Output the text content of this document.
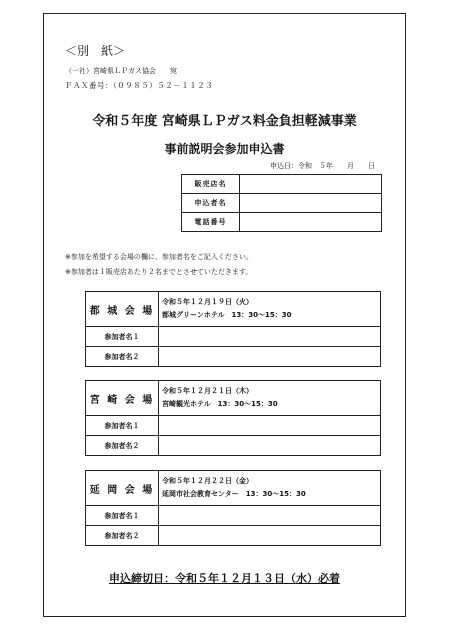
＜別　紙＞
（一社）宮崎県ＬＰガス協会　　宛
ＦＡＸ番号：（０９８５）５２－１１２３
令和５年度 宮崎県ＬＰガス料金負担軽減事業
事前説明会参加申込書
申込日：令和　５年　　月　　日
販売店名	
申込者名	
電話番号	
※参加を希望する会場の欄に、参加者名をご記入ください。
※参加者は１販売店あたり２名までとさせていただきます。
都 城 会 場	令和５年１２月１９日（火）
都城グリーンホテル　13：30～15：30

参加者名１	
参加者名２	
宮 崎 会 場	令和５年１２月２１日（木）
宮崎観光ホテル　13：30～15：30

参加者名１	
参加者名２	
延 岡 会 場	令和５年１２月２２日（金）
延岡市社会教育センター　13：30～15：30

参加者名１	
参加者名２	
申込締切日：令和５年１２月１３日（水）必着
